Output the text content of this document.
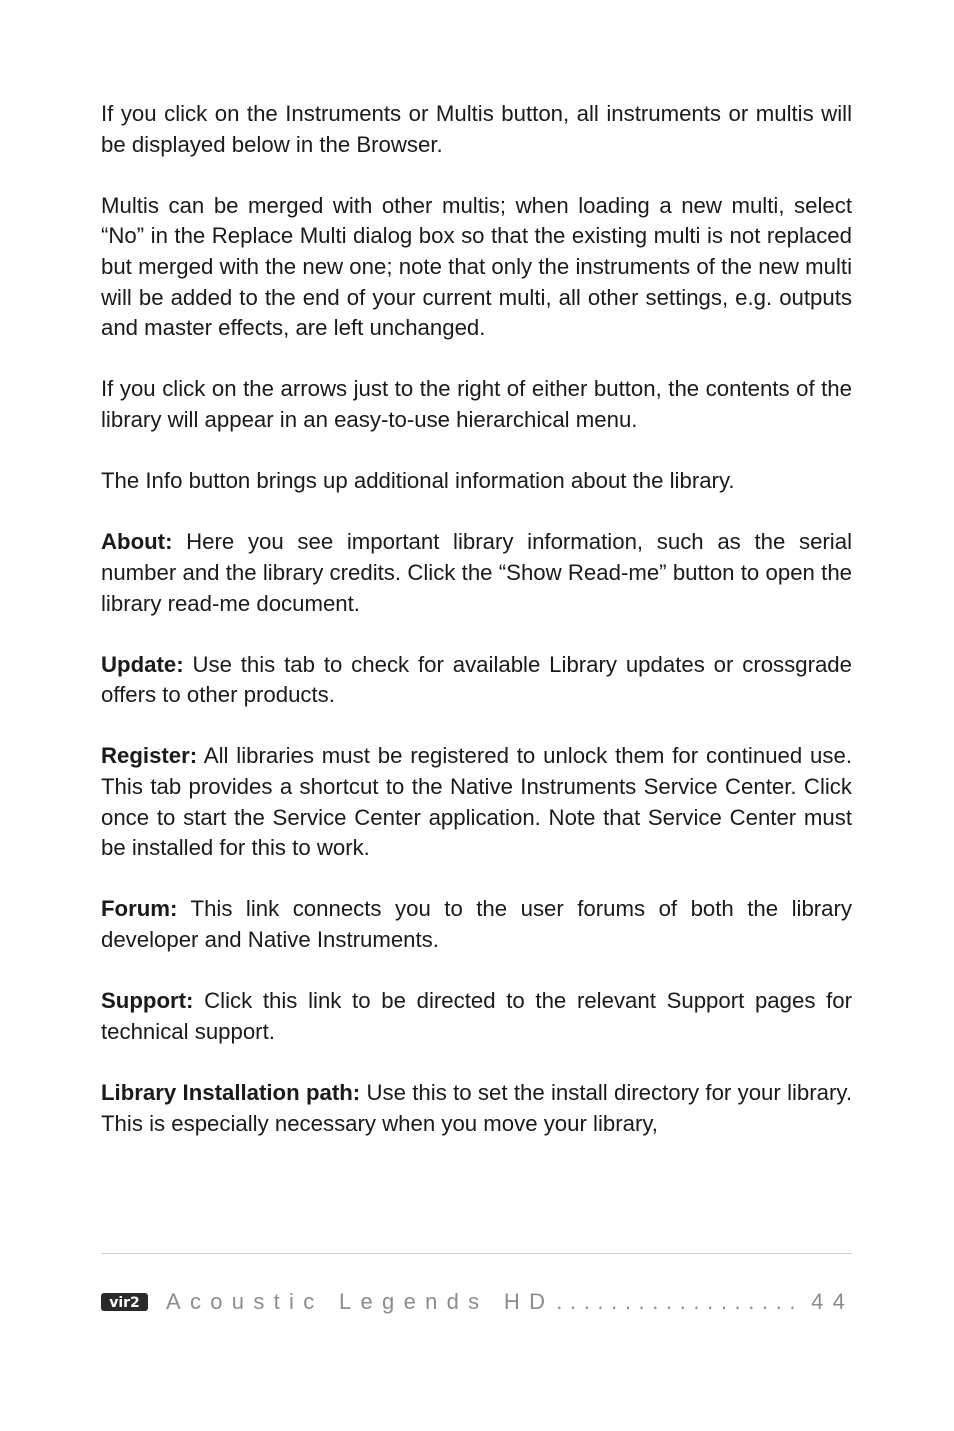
If you click on the Instruments or Multis button, all instruments or multis will be displayed below in the Browser.

Multis can be merged with other multis; when loading a new multi, select “No” in the Replace Multi dialog box so that the existing multi is not replaced but merged with the new one; note that only the instruments of the new multi will be added to the end of your current multi, all other settings, e.g. outputs and master effects, are left unchanged.

If you click on the arrows just to the right of either button, the contents of the library will appear in an easy-to-use hierarchical menu.

The Info button brings up additional information about the library.

About: Here you see important library information, such as the serial number and the library credits. Click the “Show Read-me” button to open the library read-me document.

Update: Use this tab to check for available Library updates or crossgrade offers to other products.

Register: All libraries must be registered to unlock them for continued use. This tab provides a shortcut to the Native Instruments Service Center. Click once to start the Service Center application. Note that Service Center must be installed for this to work.

Forum: This link connects you to the user forums of both the library developer and Native Instruments.

Support: Click this link to be directed to the relevant Support pages for technical support.

Library Installation path: Use this to set the install directory for your library. This is especially necessary when you move your library,

vir2 Acoustic Legends HD .................. 44
